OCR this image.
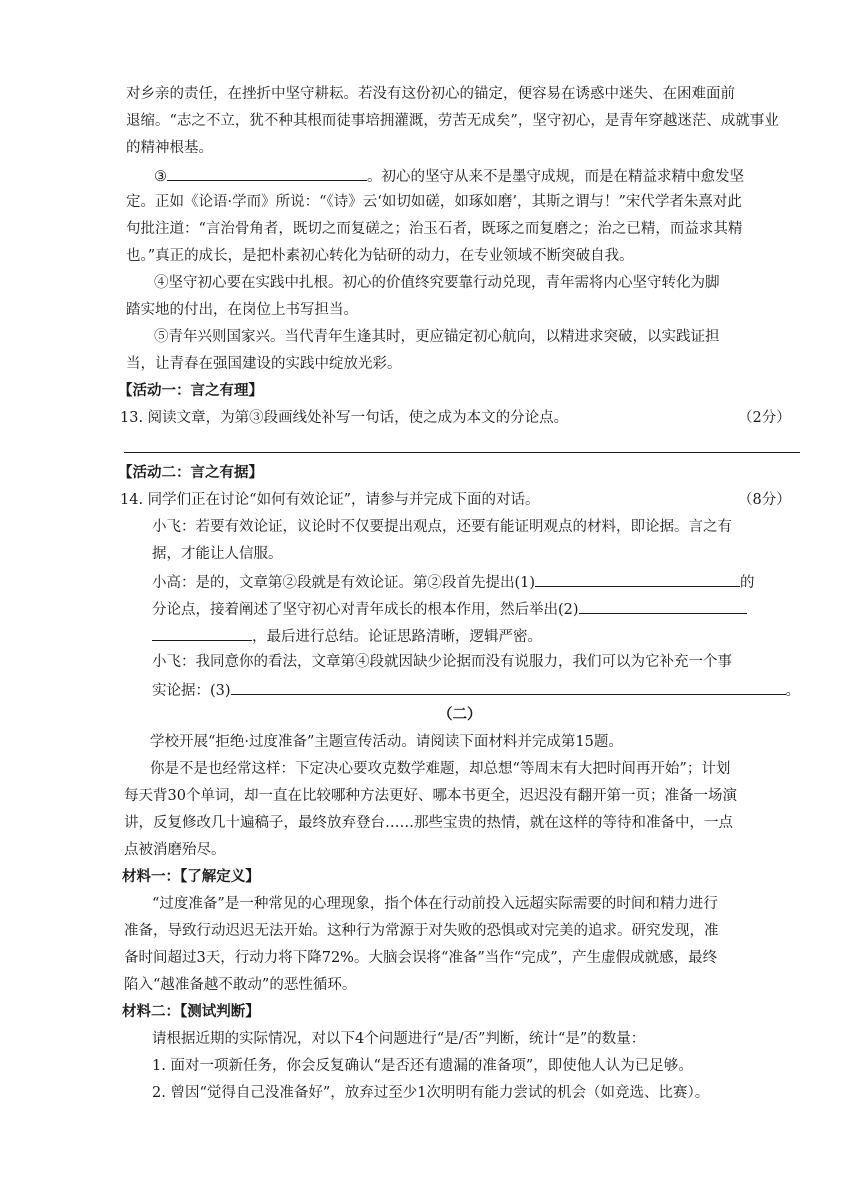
对乡亲的责任，在挫折中坚守耕耘。若没有这份初心的锚定，便容易在诱惑中迷失、在困难面前
退缩。“志之不立，犹不种其根而徒事培拥灌溉，劳苦无成矣”，坚守初心，是青年穿越迷茫、成就事业
的精神根基。
③	。初心的坚守从来不是墨守成规，而是在精益求精中愈发坚
定。正如《论语·学而》所说：“《诗》云‘如切如磋，如琢如磨’，其斯之谓与！”宋代学者朱熹对此
句批注道：“言治骨角者，既切之而复磋之；治玉石者，既琢之而复磨之；治之已精，而益求其精
也。”真正的成长，是把朴素初心转化为钻研的动力，在专业领域不断突破自我。
④坚守初心要在实践中扎根。初心的价值终究要靠行动兑现，青年需将内心坚守转化为脚
踏实地的付出，在岗位上书写担当。
⑤青年兴则国家兴。当代青年生逢其时，更应锚定初心航向，以精进求突破，以实践证担
当，让青春在强国建设的实践中绽放光彩。
【活动一：言之有理】
13. 阅读文章，为第③段画线处补写一句话，使之成为本文的分论点。	（2分）
【活动二：言之有据】
14. 同学们正在讨论“如何有效论证”，请参与并完成下面的对话。	（8分）
小飞：若要有效论证，议论时不仅要提出观点，还要有能证明观点的材料，即论据。言之有
据，才能让人信服。
小高：是的，文章第②段就是有效论证。第②段首先提出(1)	的
分论点，接着阐述了坚守初心对青年成长的根本作用，然后举出(2)
，最后进行总结。论证思路清晰，逻辑严密。
小飞：我同意你的看法，文章第④段就因缺少论据而没有说服力，我们可以为它补充一个事
实论据：(3)	。
（二）
学校开展“拒绝·过度准备”主题宣传活动。请阅读下面材料并完成第15题。
你是不是也经常这样：下定决心要攻克数学难题，却总想“等周末有大把时间再开始”；计划
每天背30个单词，却一直在比较哪种方法更好、哪本书更全，迟迟没有翻开第一页；准备一场演
讲，反复修改几十遍稿子，最终放弃登台……那些宝贵的热情，就在这样的等待和准备中，一点
点被消磨殆尽。
材料一：【了解定义】
“过度准备”是一种常见的心理现象，指个体在行动前投入远超实际需要的时间和精力进行
准备，导致行动迟迟无法开始。这种行为常源于对失败的恐惧或对完美的追求。研究发现，准
备时间超过3天，行动力将下降72%。大脑会误将“准备”当作“完成”，产生虚假成就感，最终
陷入“越准备越不敢动”的恶性循环。
材料二：【测试判断】
请根据近期的实际情况，对以下4个问题进行“是/否”判断，统计“是”的数量：
1. 面对一项新任务，你会反复确认“是否还有遗漏的准备项”，即使他人认为已足够。
2. 曾因“觉得自己没准备好”，放弃过至少1次明明有能力尝试的机会（如竞选、比赛）。
